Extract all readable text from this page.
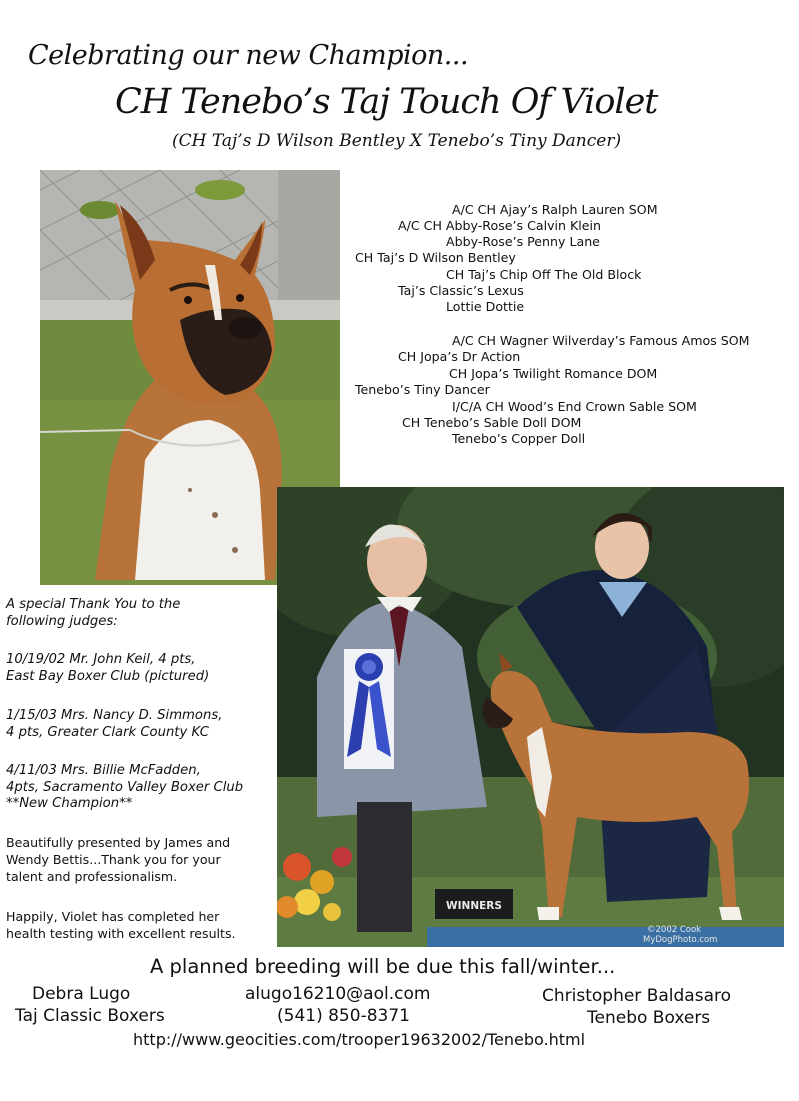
Celebrating our new Champion...
CH Tenebo’s Taj Touch Of Violet
(CH Taj’s D Wilson Bentley X Tenebo’s Tiny Dancer)
A/C CH Ajay’s Ralph Lauren SOM
A/C CH Abby-Rose’s Calvin Klein
Abby-Rose’s Penny Lane
CH Taj’s D Wilson Bentley
CH Taj’s Chip Off The Old Block
Taj’s Classic’s Lexus
Lottie Dottie
A/C CH Wagner Wilverday’s Famous Amos SOM
CH Jopa’s Dr Action
CH Jopa’s Twilight Romance DOM
Tenebo’s Tiny Dancer
I/C/A CH Wood’s End Crown Sable SOM
CH Tenebo’s Sable Doll DOM
Tenebo’s Copper Doll
WINNERS
©2002 Cook
MyDogPhoto.com
A special Thank You to the
following judges:
10/19/02 Mr. John Keil, 4 pts,
East Bay Boxer Club (pictured)
1/15/03 Mrs. Nancy D. Simmons,
4 pts, Greater Clark County KC
4/11/03 Mrs. Billie McFadden,
4pts, Sacramento Valley Boxer Club
**New Champion**
Beautifully presented by James and
Wendy Bettis...Thank you for your
talent and professionalism.
Happily, Violet has completed her
health testing with excellent results.
A planned breeding will be due this fall/winter...
Debra Lugo
Taj Classic Boxers
alugo16210@aol.com
(541) 850-8371
Christopher Baldasaro
Tenebo Boxers
http://www.geocities.com/trooper19632002/Tenebo.html
